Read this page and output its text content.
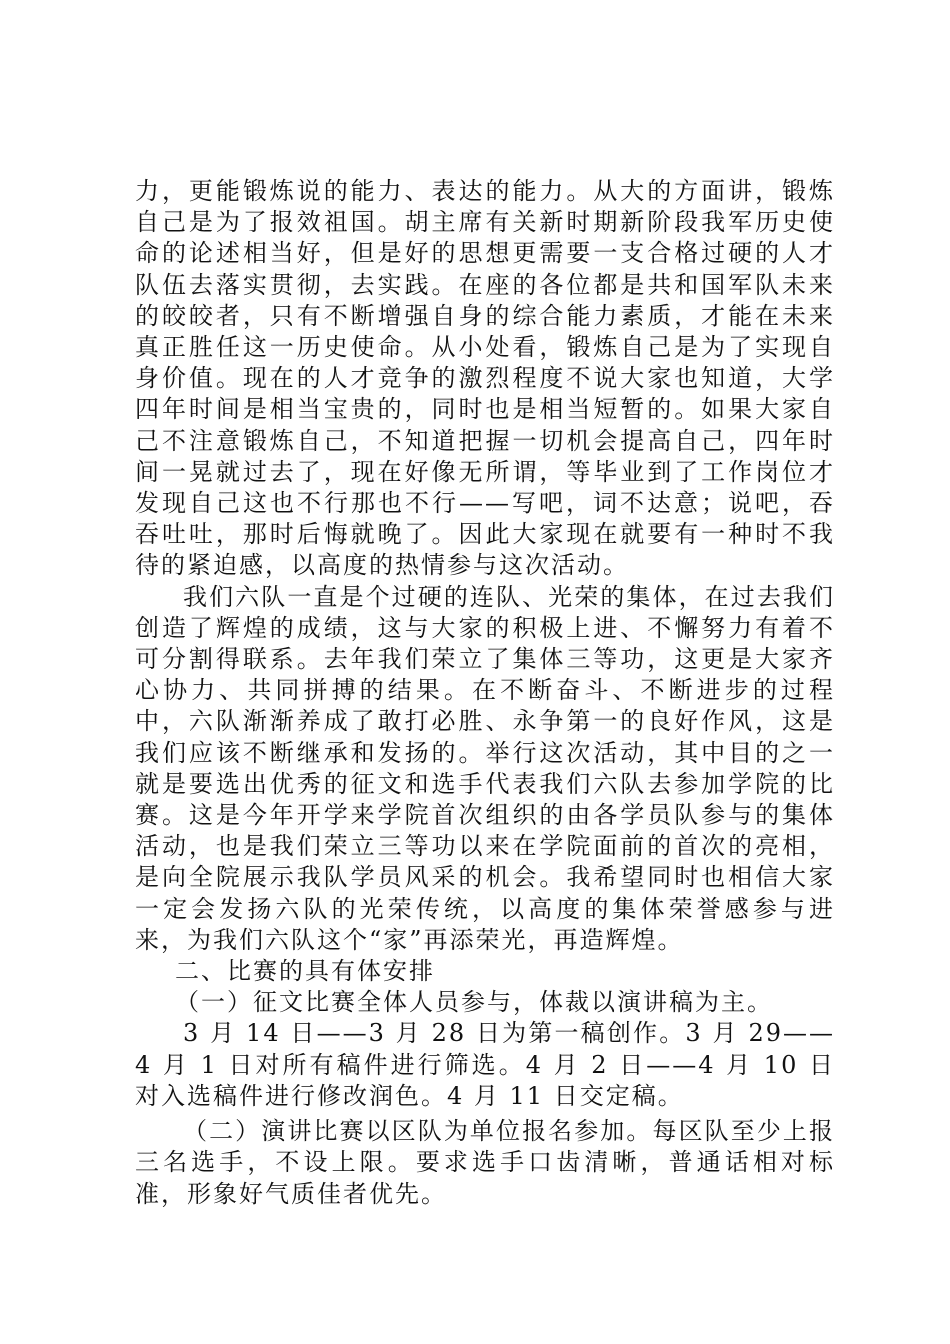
力，更能锻炼说的能力、表达的能力。从大的方面讲，锻炼自己是为了报效祖国。胡主席有关新时期新阶段我军历史使命的论述相当好，但是好的思想更需要一支合格过硬的人才队伍去落实贯彻，去实践。在座的各位都是共和国军队未来的皎皎者，只有不断增强自身的综合能力素质，才能在未来真正胜任这一历史使命。从小处看，锻炼自己是为了实现自身价值。现在的人才竞争的激烈程度不说大家也知道，大学四年时间是相当宝贵的，同时也是相当短暂的。如果大家自己不注意锻炼自己，不知道把握一切机会提高自己，四年时间一晃就过去了，现在好像无所谓，等毕业到了工作岗位才发现自己这也不行那也不行——写吧，词不达意；说吧，吞吞吐吐，那时后悔就晚了。因此大家现在就要有一种时不我待的紧迫感，以高度的热情参与这次活动。

我们六队一直是个过硬的连队、光荣的集体，在过去我们创造了辉煌的成绩，这与大家的积极上进、不懈努力有着不可分割得联系。去年我们荣立了集体三等功，这更是大家齐心协力、共同拼搏的结果。在不断奋斗、不断进步的过程中，六队渐渐养成了敢打必胜、永争第一的良好作风，这是我们应该不断继承和发扬的。举行这次活动，其中目的之一就是要选出优秀的征文和选手代表我们六队去参加学院的比赛。这是今年开学来学院首次组织的由各学员队参与的集体活动，也是我们荣立三等功以来在学院面前的首次的亮相，是向全院展示我队学员风采的机会。我希望同时也相信大家一定会发扬六队的光荣传统，以高度的集体荣誉感参与进来，为我们六队这个“家”再添荣光，再造辉煌。

二、比赛的具有体安排

（一）征文比赛全体人员参与，体裁以演讲稿为主。

3 月 14 日——3 月 28 日为第一稿创作。3 月 29——4 月 1 日对所有稿件进行筛选。4 月 2 日——4 月 10 日对入选稿件进行修改润色。4 月 11 日交定稿。

（二）演讲比赛以区队为单位报名参加。每区队至少上报三名选手，不设上限。要求选手口齿清晰，普通话相对标准，形象好气质佳者优先。
